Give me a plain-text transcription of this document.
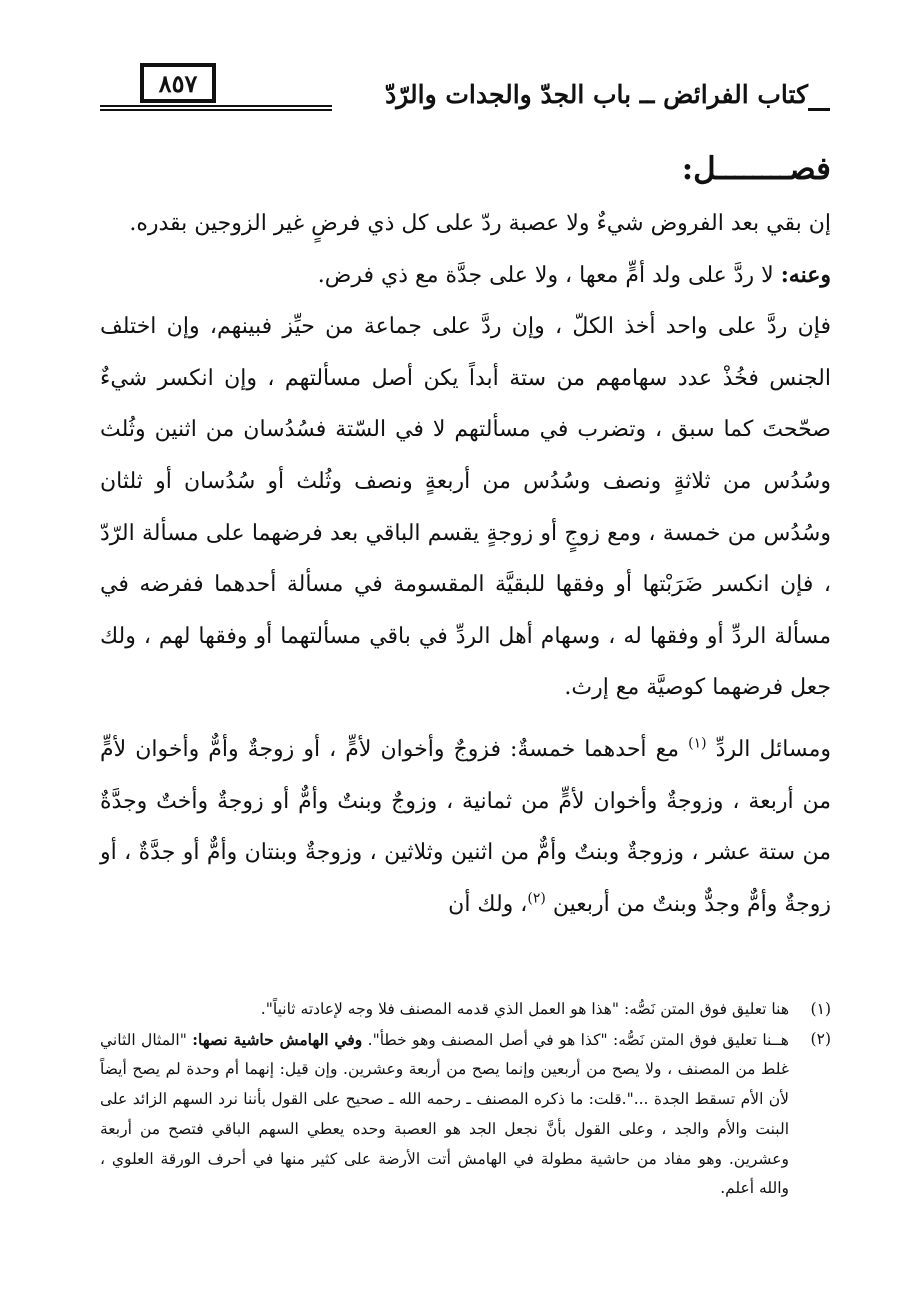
٨٥٧	كتاب الفرائض ــ باب الجدّ والجدات والرّدّ

فصــــــــل:

إن بقي بعد الفروض شيءٌ ولا عصبة ردّ على كل ذي فرضٍ غير الزوجين بقدره.

وعنه: لا ردَّ على ولد أمٍّ معها ، ولا على جدَّة مع ذي فرض.

فإن ردَّ على واحد أخذ الكلّ ، وإن ردَّ على جماعة من حيِّز فبينهم، وإن اختلف الجنس فخُذْ عدد سهامهم من ستة أبداً يكن أصل مسألتهم ، وإن انكسر شيءٌ صحّحتَ كما سبق ، وتضرب في مسألتهم لا في السّتة فسُدُسان من اثنين وثُلث وسُدُس من ثلاثةٍ ونصف وسُدُس من أربعةٍ ونصف وثُلث أو سُدُسان أو ثلثان وسُدُس من خمسة ، ومع زوجٍ أو زوجةٍ يقسم الباقي بعد فرضهما على مسألة الرّدّ ، فإن انكسر ضَرَبْتها أو وفقها للبقيَّة المقسومة في مسألة أحدهما ففرضه في مسألة الردِّ أو وفقها له ، وسهام أهل الردِّ في باقي مسألتهما أو وفقها لهم ، ولك جعل فرضهما كوصيَّة مع إرث.

ومسائل الردِّ $^{(١)}$ مع أحدهما خمسةٌ: فزوجٌ وأخوان لأمٍّ ، أو زوجةٌ وأمٌّ وأخوان لأمٍّ من أربعة ، وزوجةٌ وأخوان لأمٍّ من ثمانية ، وزوجٌ وبنتٌ وأمٌّ أو زوجةٌ وأختٌ وجدَّةٌ من ستة عشر ، وزوجةٌ وبنتٌ وأمٌّ من اثنين وثلاثين ، وزوجةٌ وبنتان وأمٌّ أو جدَّةٌ ، أو زوجةٌ وأمٌّ وجدٌّ وبنتٌ من أربعين $^{(٢)}$، ولك أن

(١)
هنا تعليق فوق المتن نَصُّه: "هذا هو العمل الذي قدمه المصنف فلا وجه لإعادته ثانياً".
(٢)
هــنا تعليق فوق المتن نَصُّه: "كذا هو في أصل المصنف وهو خطأ". وفي الهامش حاشية نصها: "المثال الثاني غلط من المصنف ، ولا يصح من أربعين وإنما يصح من أربعة وعشرين. وإن قيل: إنهما أم وحدة لم يصح أيضاً لأن الأم تسقط الجدة ...".قلت: ما ذكره المصنف ـ رحمه الله ـ صحيح على القول بأننا نرد السهم الزائد على البنت والأم والجد ، وعلى القول بأنَّ نجعل الجد هو العصبة وحده يعطي السهم الباقي فتصح من أربعة وعشرين. وهو مفاد من حاشية مطولة في الهامش أتت الأرضة على كثير منها في أحرف الورقة العلوي ، والله أعلم.
